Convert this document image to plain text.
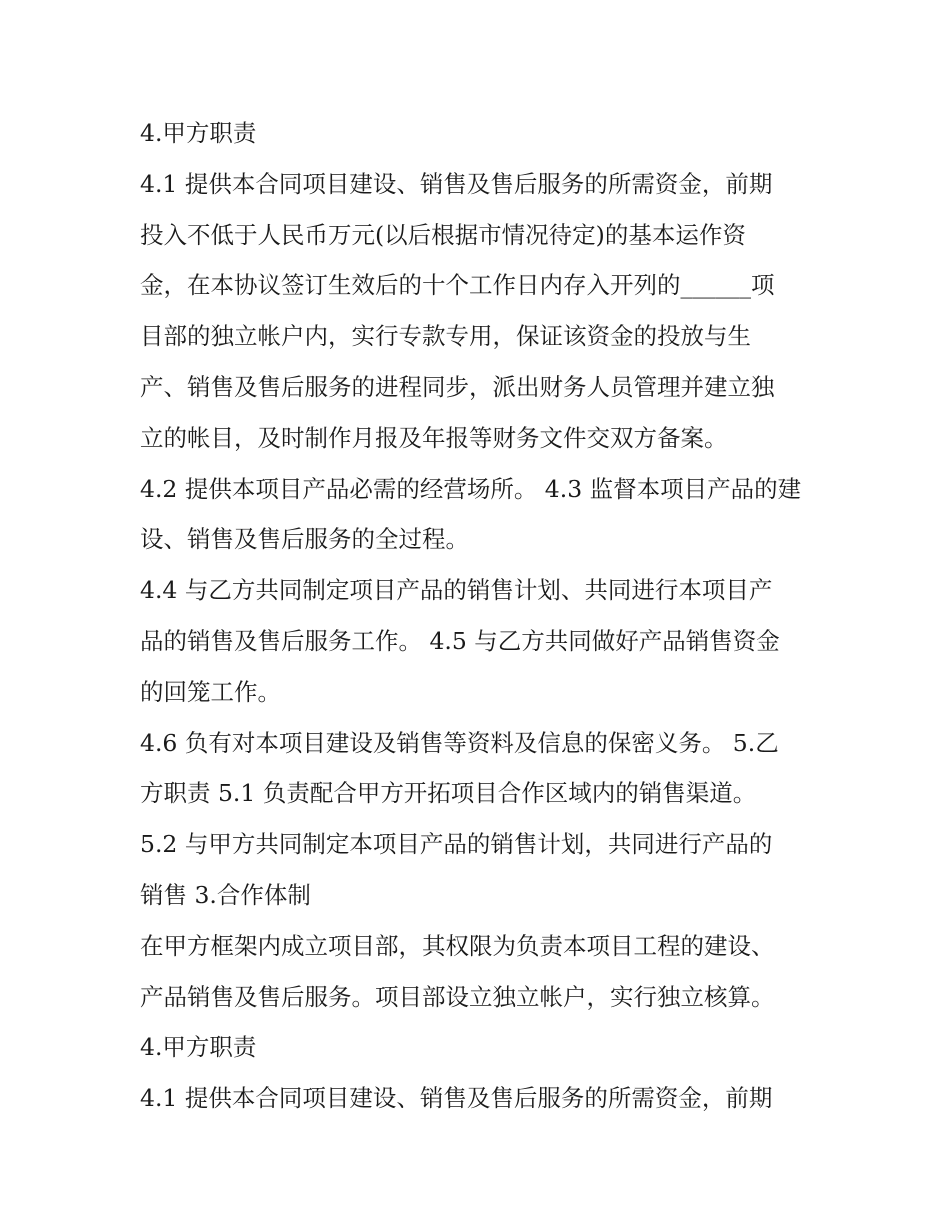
4.甲方职责
4.1 提供本合同项目建设、销售及售后服务的所需资金，前期
投入不低于人民币万元(以后根据市情况待定)的基本运作资
金，在本协议签订生效后的十个工作日内存入开列的______项
目部的独立帐户内，实行专款专用，保证该资金的投放与生
产、销售及售后服务的进程同步，派出财务人员管理并建立独
立的帐目，及时制作月报及年报等财务文件交双方备案。
4.2 提供本项目产品必需的经营场所。 4.3 监督本项目产品的建
设、销售及售后服务的全过程。
4.4 与乙方共同制定项目产品的销售计划、共同进行本项目产
品的销售及售后服务工作。 4.5 与乙方共同做好产品销售资金
的回笼工作。
4.6 负有对本项目建设及销售等资料及信息的保密义务。 5.乙
方职责 5.1 负责配合甲方开拓项目合作区域内的销售渠道。
5.2 与甲方共同制定本项目产品的销售计划，共同进行产品的
销售 3.合作体制
在甲方框架内成立项目部，其权限为负责本项目工程的建设、
产品销售及售后服务。项目部设立独立帐户，实行独立核算。
4.甲方职责
4.1 提供本合同项目建设、销售及售后服务的所需资金，前期
